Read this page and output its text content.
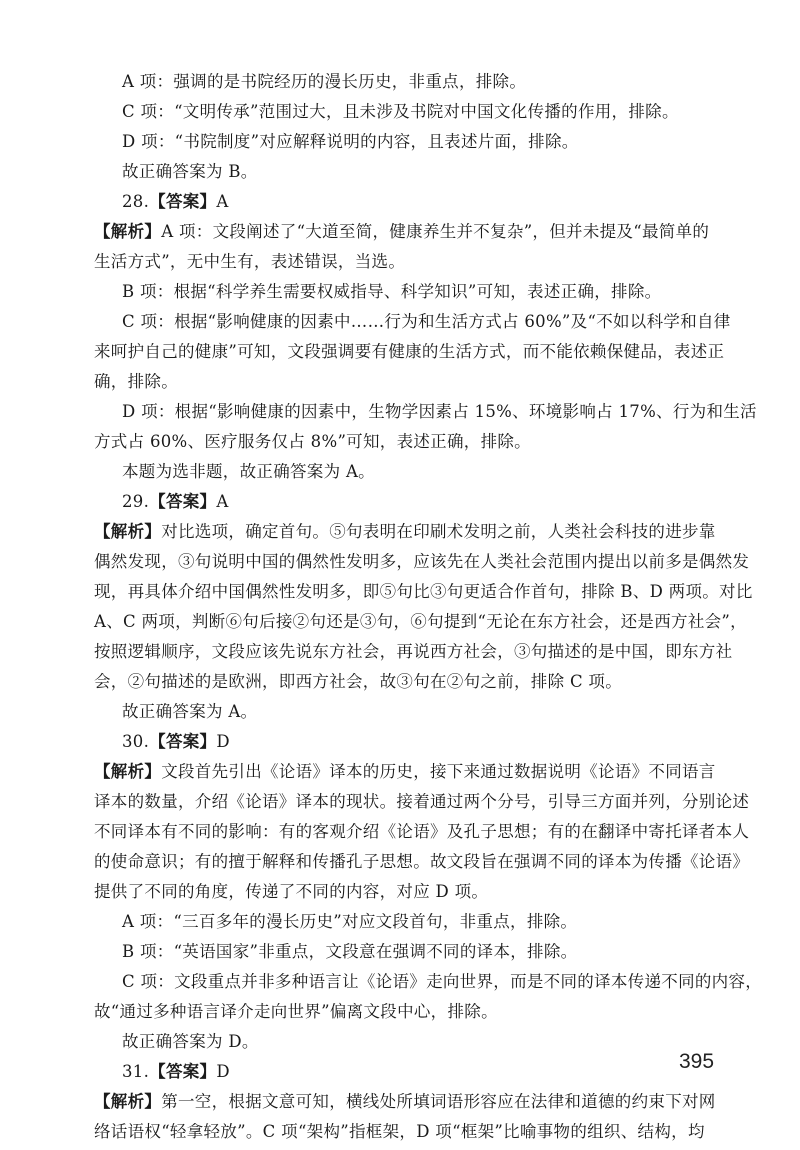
A 项：强调的是书院经历的漫长历史，非重点，排除。

C 项：“文明传承”范围过大，且未涉及书院对中国文化传播的作用，排除。

D 项：“书院制度”对应解释说明的内容，且表述片面，排除。

故正确答案为 B。

28.【答案】A

【解析】A 项：文段阐述了“大道至简，健康养生并不复杂”，但并未提及“最简单的

生活方式”，无中生有，表述错误，当选。

B 项：根据“科学养生需要权威指导、科学知识”可知，表述正确，排除。

C 项：根据“影响健康的因素中……行为和生活方式占 60%”及“不如以科学和自律

来呵护自己的健康”可知，文段强调要有健康的生活方式，而不能依赖保健品，表述正

确，排除。

D 项：根据“影响健康的因素中，生物学因素占 15%、环境影响占 17%、行为和生活

方式占 60%、医疗服务仅占 8%”可知，表述正确，排除。

本题为选非题，故正确答案为 A。

29.【答案】A

【解析】对比选项，确定首句。⑤句表明在印刷术发明之前，人类社会科技的进步靠

偶然发现，③句说明中国的偶然性发明多，应该先在人类社会范围内提出以前多是偶然发

现，再具体介绍中国偶然性发明多，即⑤句比③句更适合作首句，排除 B、D 两项。对比

A、C 两项，判断⑥句后接②句还是③句，⑥句提到“无论在东方社会，还是西方社会”，

按照逻辑顺序，文段应该先说东方社会，再说西方社会，③句描述的是中国，即东方社

会，②句描述的是欧洲，即西方社会，故③句在②句之前，排除 C 项。

故正确答案为 A。

30.【答案】D

【解析】文段首先引出《论语》译本的历史，接下来通过数据说明《论语》不同语言

译本的数量，介绍《论语》译本的现状。接着通过两个分号，引导三方面并列，分别论述

不同译本有不同的影响：有的客观介绍《论语》及孔子思想；有的在翻译中寄托译者本人

的使命意识；有的擅于解释和传播孔子思想。故文段旨在强调不同的译本为传播《论语》

提供了不同的角度，传递了不同的内容，对应 D 项。

A 项：“三百多年的漫长历史”对应文段首句，非重点，排除。

B 项：“英语国家”非重点，文段意在强调不同的译本，排除。

C 项：文段重点并非多种语言让《论语》走向世界，而是不同的译本传递不同的内容，

故“通过多种语言译介走向世界”偏离文段中心，排除。

故正确答案为 D。

31.【答案】D

【解析】第一空，根据文意可知，横线处所填词语形容应在法律和道德的约束下对网

络话语权“轻拿轻放”。C 项“架构”指框架，D 项“框架”比喻事物的组织、结构，均

395
